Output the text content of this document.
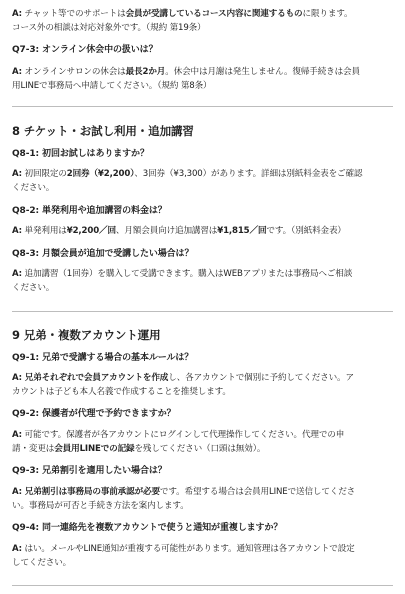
A: チャット等でのサポートは会員が受講しているコース内容に関連するものに限ります。
コース外の相談は対応対象外です。（規約 第19条）
Q7-3: オンライン休会中の扱いは？
A: オンラインサロンの休会は最長2か月。休会中は月謝は発生しません。復帰手続きは会員
用LINEで事務局へ申請してください。（規約 第8条）
8 チケット・お試し利用・追加講習
Q8-1: 初回お試しはありますか？
A: 初回限定の2回券（¥2,200）、3回券（¥3,300）があります。詳細は別紙料金表をご確認
ください。
Q8-2: 単発利用や追加講習の料金は？
A: 単発利用は¥2,200／回、月額会員向け追加講習は¥1,815／回です。（別紙料金表）
Q8-3: 月額会員が追加で受講したい場合は？
A: 追加講習（1回券）を購入して受講できます。購入はWEBアプリまたは事務局へご相談
ください。
9 兄弟・複数アカウント運用
Q9-1: 兄弟で受講する場合の基本ルールは？
A: 兄弟それぞれで会員アカウントを作成し、各アカウントで個別に予約してください。ア
カウントは子ども本人名義で作成することを推奨します。
Q9-2: 保護者が代理で予約できますか？
A: 可能です。保護者が各アカウントにログインして代理操作してください。代理での申
請・変更は会員用LINEでの記録を残してください（口頭は無効）。
Q9-3: 兄弟割引を適用したい場合は？
A: 兄弟割引は事務局の事前承認が必要です。希望する場合は会員用LINEで送信してくださ
い。事務局が可否と手続き方法を案内します。
Q9-4: 同一連絡先を複数アカウントで使うと通知が重複しますか？
A: はい。メールやLINE通知が重複する可能性があります。通知管理は各アカウントで設定
してください。
